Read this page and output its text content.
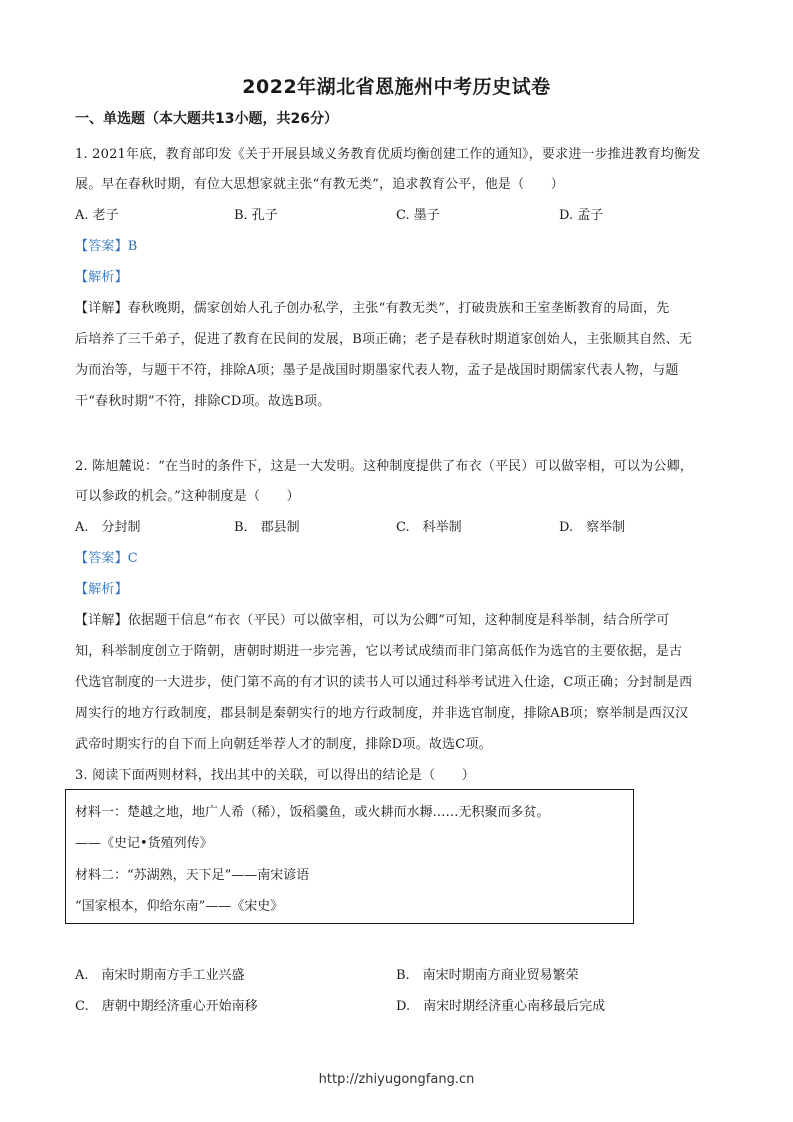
2022年湖北省恩施州中考历史试卷
一、单选题（本大题共13小题，共26分）
1. 2021年底，教育部印发《关于开展县域义务教育优质均衡创建工作的通知》，要求进一步推进教育均衡发
展。早在春秋时期，有位大思想家就主张“有教无类”，追求教育公平，他是（　　）
A. 老子	B. 孔子	C. 墨子	D. 孟子
【答案】B
【解析】
【详解】春秋晚期，儒家创始人孔子创办私学，主张“有教无类”，打破贵族和王室垄断教育的局面，先
后培养了三千弟子，促进了教育在民间的发展，B项正确；老子是春秋时期道家创始人，主张顺其自然、无
为而治等，与题干不符，排除A项；墨子是战国时期墨家代表人物，孟子是战国时期儒家代表人物，与题
干“春秋时期”不符，排除CD项。故选B项。
2. 陈旭麓说：“在当时的条件下，这是一大发明。这种制度提供了布衣（平民）可以做宰相，可以为公卿，
可以参政的机会。”这种制度是（　　）
A.　分封制	B.　郡县制	C.　科举制	D.　察举制
【答案】C
【解析】
【详解】依据题干信息“布衣（平民）可以做宰相，可以为公卿”可知，这种制度是科举制，结合所学可
知，科举制度创立于隋朝，唐朝时期进一步完善，它以考试成绩而非门第高低作为选官的主要依据，是古
代选官制度的一大进步，使门第不高的有才识的读书人可以通过科举考试进入仕途，C项正确；分封制是西
周实行的地方行政制度，郡县制是秦朝实行的地方行政制度，并非选官制度，排除AB项；察举制是西汉汉
武帝时期实行的自下而上向朝廷举荐人才的制度，排除D项。故选C项。
3. 阅读下面两则材料，找出其中的关联，可以得出的结论是（　　）
材料一：楚越之地，地广人希（稀），饭稻羹鱼，或火耕而水耨……无积聚而多贫。
——《史记•货殖列传》
材料二：“苏湖熟，天下足”——南宋谚语
“国家根本，仰给东南”——《宋史》
A.　南宋时期南方手工业兴盛	B.　南宋时期南方商业贸易繁荣
C.　唐朝中期经济重心开始南移	D.　南宋时期经济重心南移最后完成
http://zhiyugongfang.cn
